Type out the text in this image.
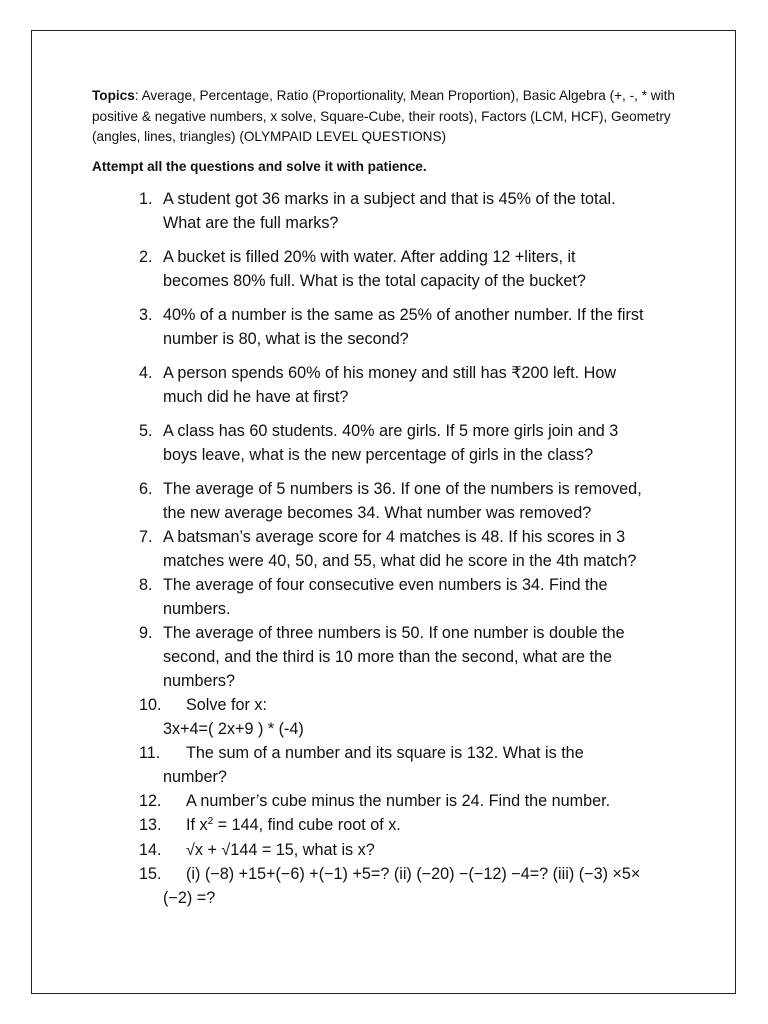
Topics: Average, Percentage, Ratio (Proportionality, Mean Proportion), Basic Algebra (+, -, * with positive & negative numbers, x solve, Square-Cube, their roots), Factors (LCM, HCF), Geometry (angles, lines, triangles) (OLYMPAID LEVEL QUESTIONS)
Attempt all the questions and solve it with patience.
1. A student got 36 marks in a subject and that is 45% of the total.
What are the full marks?
2. A bucket is filled 20% with water. After adding 12 +liters, it
becomes 80% full. What is the total capacity of the bucket?
3. 40% of a number is the same as 25% of another number. If the first
number is 80, what is the second?
4. A person spends 60% of his money and still has ₹200 left. How
much did he have at first?
5. A class has 60 students. 40% are girls. If 5 more girls join and 3
boys leave, what is the new percentage of girls in the class?
6. The average of 5 numbers is 36. If one of the numbers is removed,
the new average becomes 34. What number was removed?
7. A batsman’s average score for 4 matches is 48. If his scores in 3
matches were 40, 50, and 55, what did he score in the 4th match?
8. The average of four consecutive even numbers is 34. Find the
numbers.
9. The average of three numbers is 50. If one number is double the
second, and the third is 10 more than the second, what are the
numbers?
10.	Solve for x:
3x+4=( 2x+9 ) * (-4)
11.	The sum of a number and its square is 132. What is the
number?
12.	A number’s cube minus the number is 24. Find the number.
13.	If $x^2 = 144$, find cube root of x.
14.	√x + √144 = 15, what is x?
15.	(i) (−8) +15+(−6) +(−1) +5=? (ii) (−20) −(−12) −4=? (iii) (−3) ×5×
(−2) =?
